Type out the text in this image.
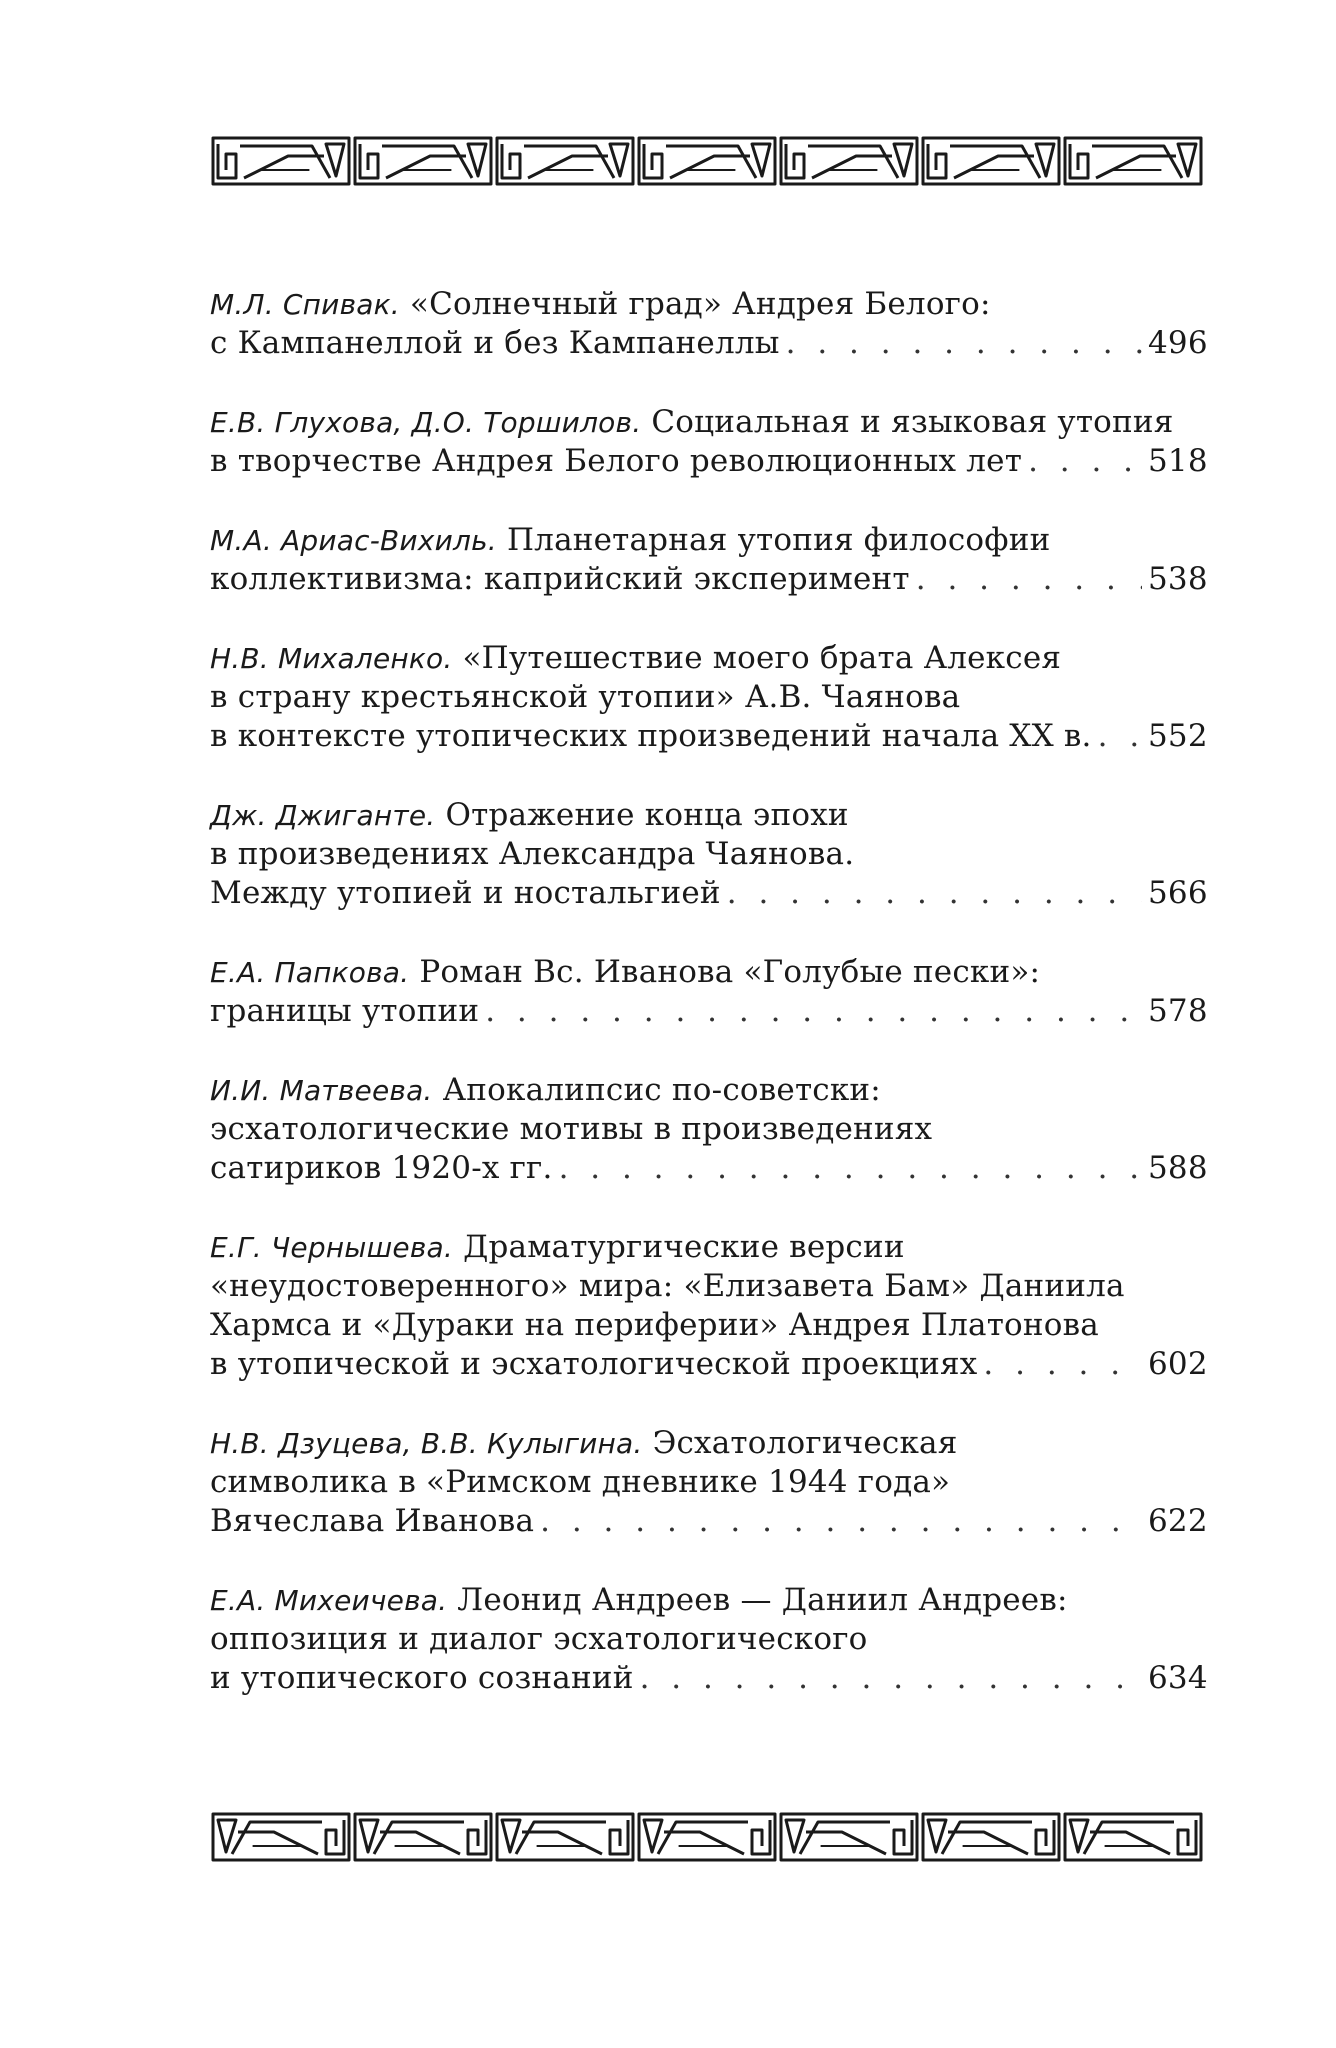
М.Л. Спивак. «Солнечный град» Андрея Белого:
с Кампанеллой и без Кампанеллы . . .	496
Е.В. Глухова, Д.О. Торшилов. Социальная и языковая утопия
в творчестве Андрея Белого революционных лет . . .	518
М.А. Ариас-Вихиль. Планетарная утопия философии
коллективизма: каприйский эксперимент . . .	538
Н.В. Михаленко. «Путешествие моего брата Алексея
в страну крестьянской утопии» А.В. Чаянова
в контексте утопических произведений начала XX в. . . . 552
Дж. Джиганте. Отражение конца эпохи
в произведениях Александра Чаянова.
Между утопией и ностальгией . . .	566
Е.А. Папкова. Роман Вс. Иванова «Голубые пески»:
границы утопии . . .	578
И.И. Матвеева. Апокалипсис по-советски:
эсхатологические мотивы в произведениях
сатириков 1920-х гг. . . .	588
Е.Г. Чернышева. Драматургические версии
«неудостоверенного» мира: «Елизавета Бам» Даниила
Хармса и «Дураки на периферии» Андрея Платонова
в утопической и эсхатологической проекциях . . .	602
Н.В. Дзуцева, В.В. Кулыгина. Эсхатологическая
символика в «Римском дневнике 1944 года»
Вячеслава Иванова . . .	622
Е.А. Михеичева. Леонид Андреев — Даниил Андреев:
оппозиция и диалог эсхатологического
и утопического сознаний . . .	634
